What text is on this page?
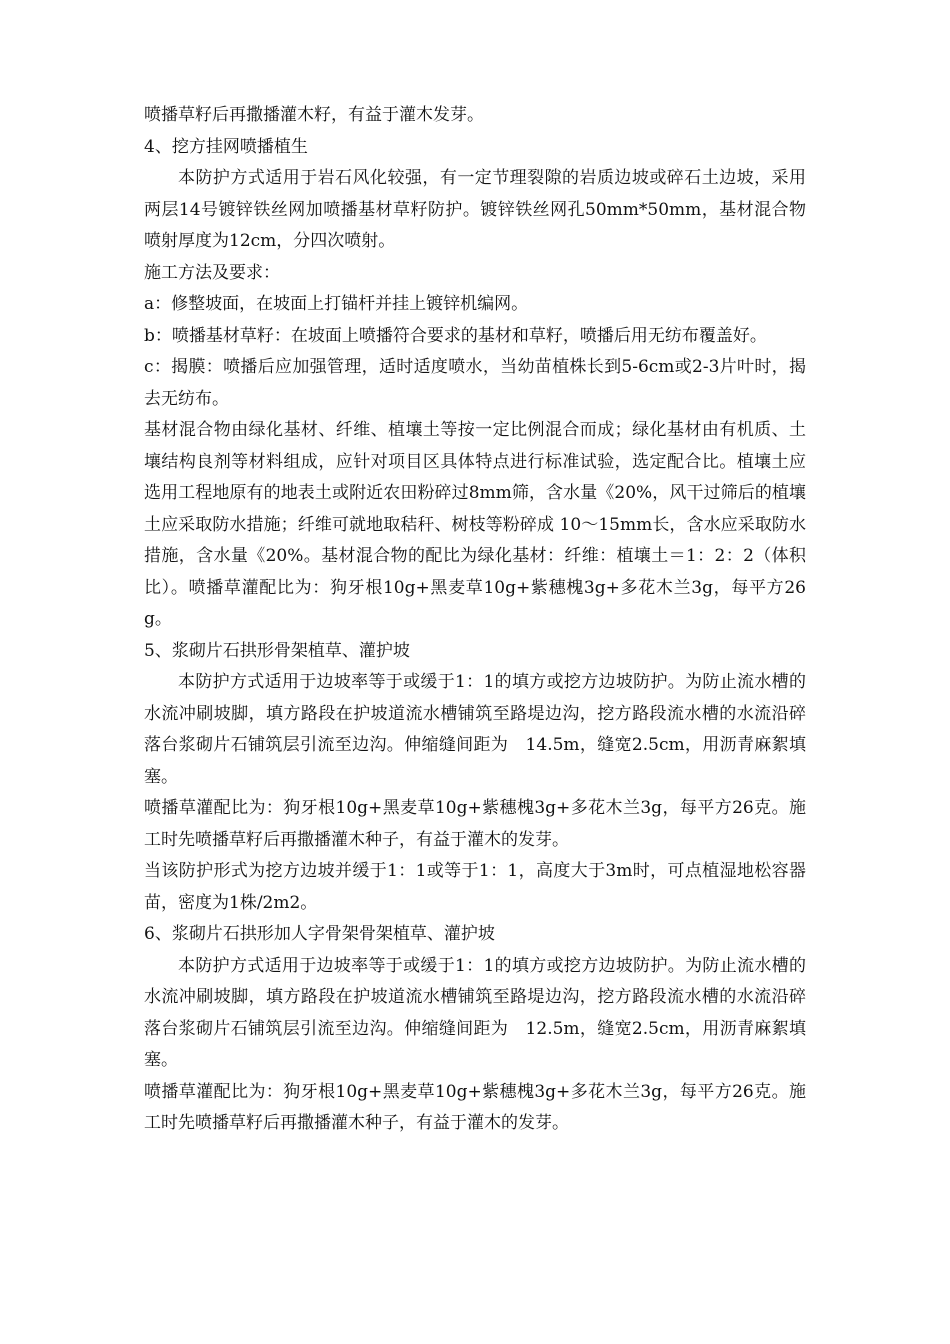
喷播草籽后再撒播灌木籽，有益于灌木发芽。

4、挖方挂网喷播植生

本防护方式适用于岩石风化较强，有一定节理裂隙的岩质边坡或碎石土边坡，采用两层14号镀锌铁丝网加喷播基材草籽防护。镀锌铁丝网孔50mm*50mm，基材混合物喷射厚度为12cm，分四次喷射。

施工方法及要求：

a：修整坡面，在坡面上打锚杆并挂上镀锌机编网。

b：喷播基材草籽：在坡面上喷播符合要求的基材和草籽，喷播后用无纺布覆盖好。

c：揭膜：喷播后应加强管理，适时适度喷水，当幼苗植株长到5-6cm或2-3片叶时，揭去无纺布。

基材混合物由绿化基材、纤维、植壤土等按一定比例混合而成；绿化基材由有机质、土壤结构良剂等材料组成，应针对项目区具体特点进行标准试验，选定配合比。植壤土应选用工程地原有的地表土或附近农田粉碎过8mm筛，含水量《20%，风干过筛后的植壤土应采取防水措施；纤维可就地取秸秆、树枝等粉碎成 10～15mm长，含水应采取防水措施，含水量《20%。基材混合物的配比为绿化基材：纤维：植壤土＝1：2：2（体积比）。喷播草灌配比为：狗牙根10g+黑麦草10g+紫穗槐3g+多花木兰3g，每平方26g。

5、浆砌片石拱形骨架植草、灌护坡

本防护方式适用于边坡率等于或缓于1：1的填方或挖方边坡防护。为防止流水槽的水流冲刷坡脚，填方路段在护坡道流水槽铺筑至路堤边沟，挖方路段流水槽的水流沿碎落台浆砌片石铺筑层引流至边沟。伸缩缝间距为　14.5m，缝宽2.5cm，用沥青麻絮填塞。

喷播草灌配比为：狗牙根10g+黑麦草10g+紫穗槐3g+多花木兰3g，每平方26克。施工时先喷播草籽后再撒播灌木种子，有益于灌木的发芽。

当该防护形式为挖方边坡并缓于1：1或等于1：1，高度大于3m时，可点植湿地松容器苗，密度为1株/2m2。

6、浆砌片石拱形加人字骨架骨架植草、灌护坡

本防护方式适用于边坡率等于或缓于1：1的填方或挖方边坡防护。为防止流水槽的水流冲刷坡脚，填方路段在护坡道流水槽铺筑至路堤边沟，挖方路段流水槽的水流沿碎落台浆砌片石铺筑层引流至边沟。伸缩缝间距为　12.5m，缝宽2.5cm，用沥青麻絮填塞。

喷播草灌配比为：狗牙根10g+黑麦草10g+紫穗槐3g+多花木兰3g，每平方26克。施工时先喷播草籽后再撒播灌木种子，有益于灌木的发芽。
